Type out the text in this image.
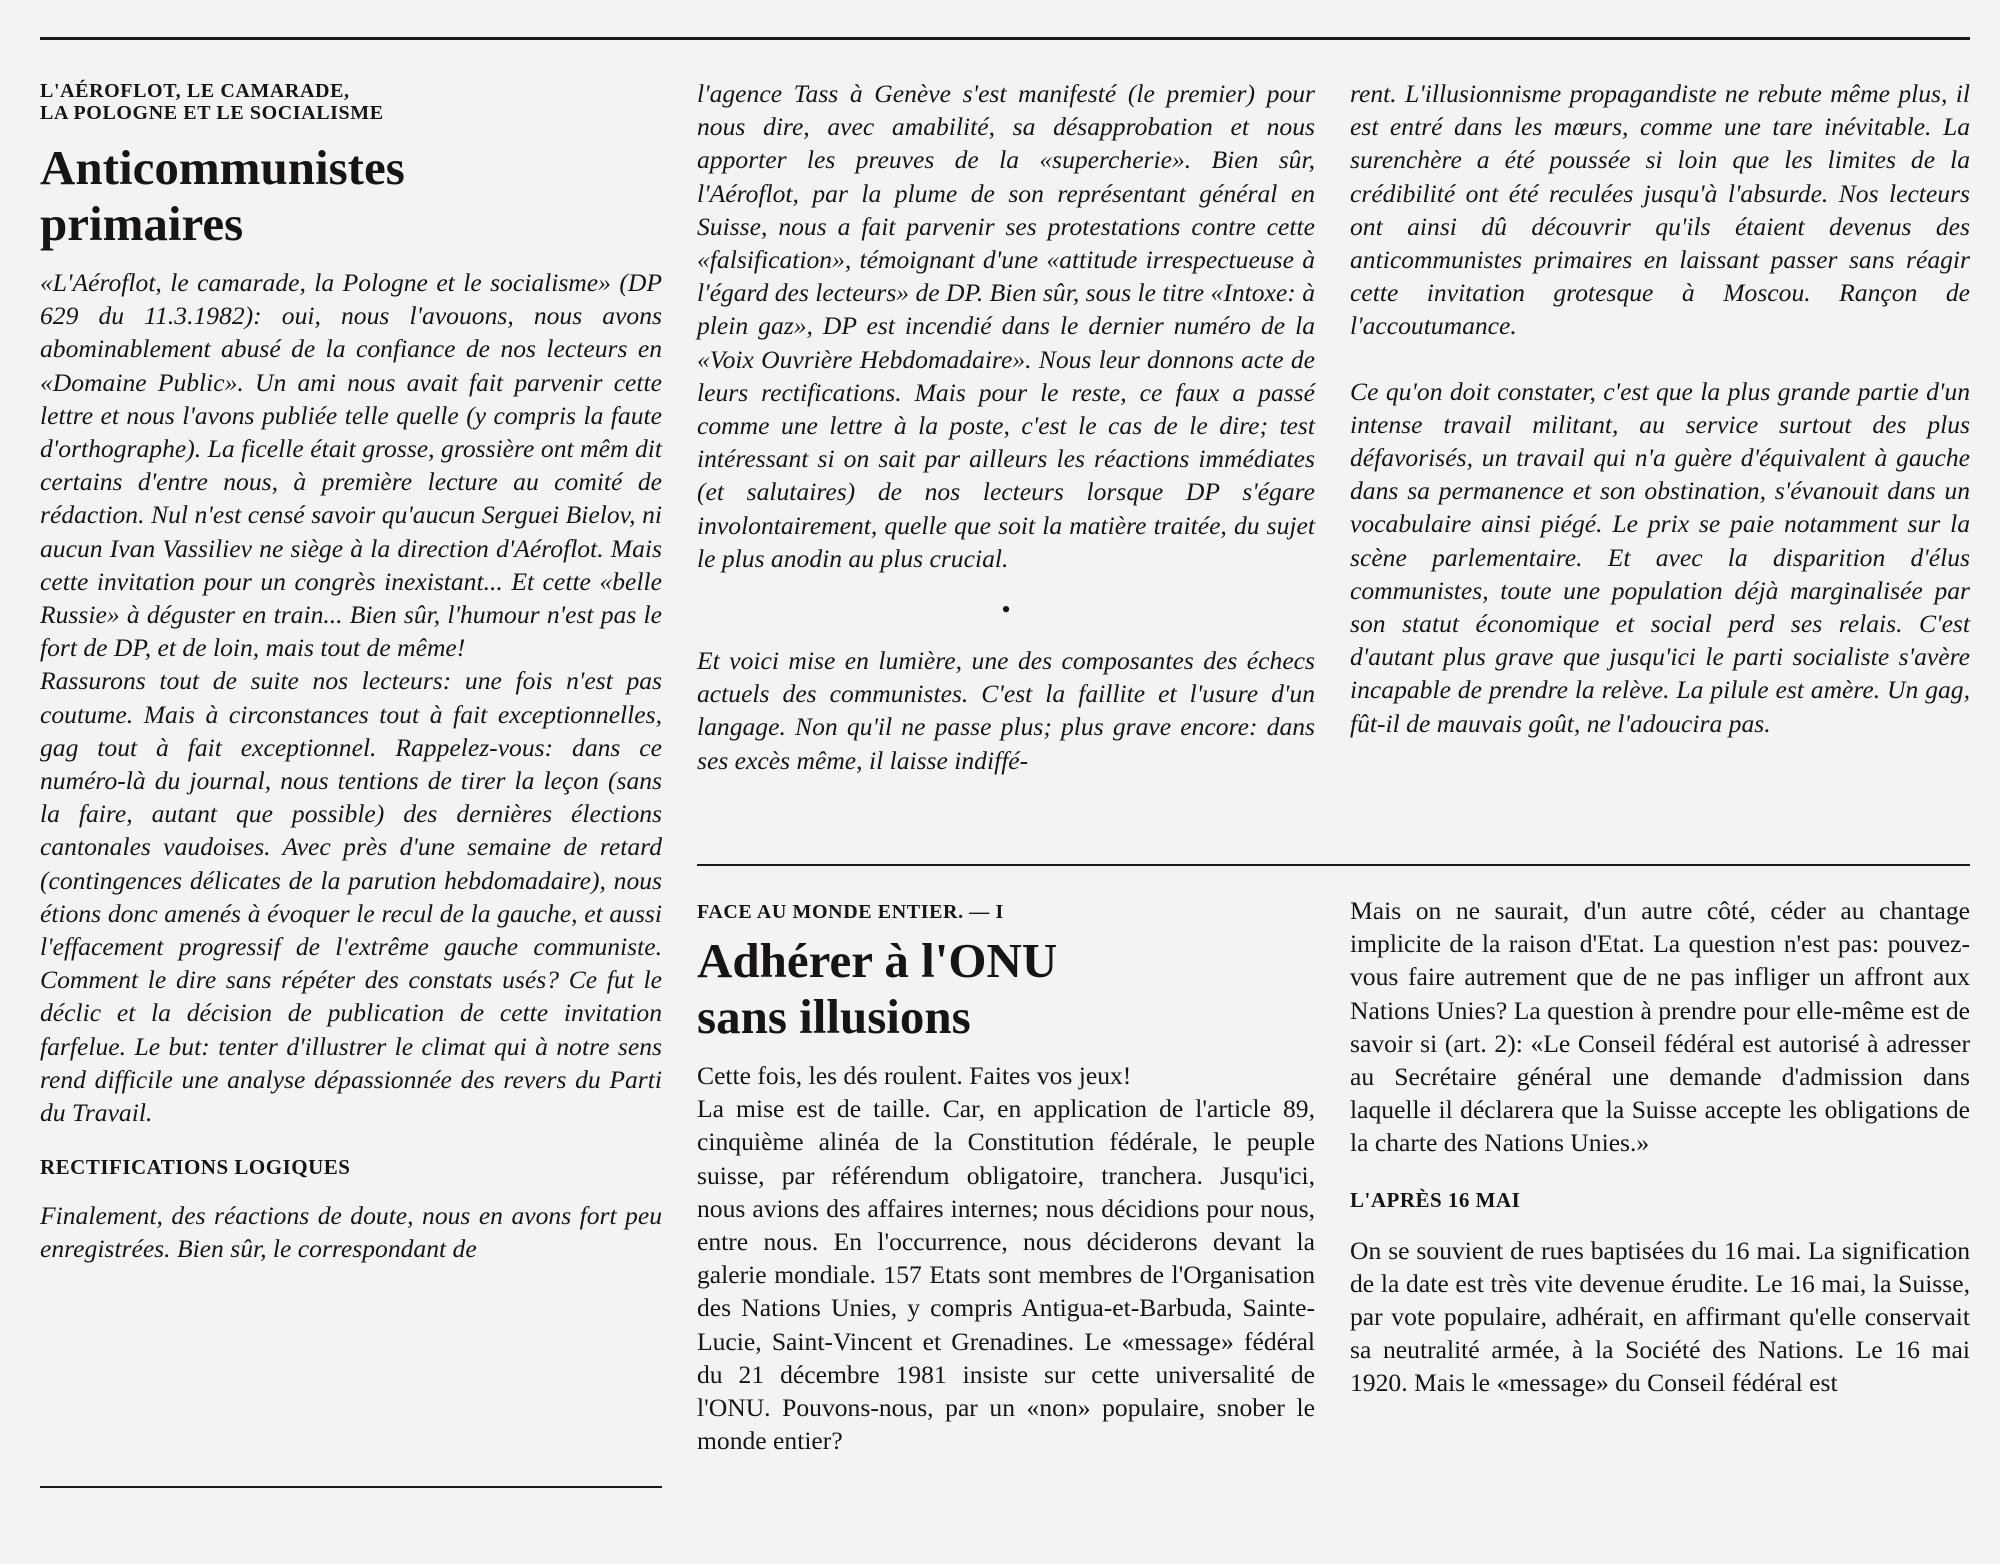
L'AÉROFLOT, LE CAMARADE,

LA POLOGNE ET LE SOCIALISME

Anticommunistes
primaires

«L'Aéroflot, le camarade, la Pologne et le socialisme» (DP 629 du 11.3.1982): oui, nous l'avouons, nous avons abominablement abusé de la confiance de nos lecteurs en «Domaine Public». Un ami nous avait fait parvenir cette lettre et nous l'avons publiée telle quelle (y compris la faute d'orthographe). La ficelle était grosse, grossière ont mêm dit certains d'entre nous, à première lecture au comité de rédaction. Nul n'est censé savoir qu'aucun Serguei Bielov, ni aucun Ivan Vassiliev ne siège à la direction d'Aéroflot. Mais cette invitation pour un congrès inexistant... Et cette «belle Russie» à déguster en train... Bien sûr, l'humour n'est pas le fort de DP, et de loin, mais tout de même!

Rassurons tout de suite nos lecteurs: une fois n'est pas coutume. Mais à circonstances tout à fait exceptionnelles, gag tout à fait exceptionnel. Rappelez-vous: dans ce numéro-là du journal, nous tentions de tirer la leçon (sans la faire, autant que possible) des dernières élections cantonales vaudoises. Avec près d'une semaine de retard (contingences délicates de la parution hebdomadaire), nous étions donc amenés à évoquer le recul de la gauche, et aussi l'effacement progressif de l'extrême gauche communiste. Comment le dire sans répéter des constats usés? Ce fut le déclic et la décision de publication de cette invitation farfelue. Le but: tenter d'illustrer le climat qui à notre sens rend difficile une analyse dépassionnée des revers du Parti du Travail.

RECTIFICATIONS LOGIQUES

Finalement, des réactions de doute, nous en avons fort peu enregistrées. Bien sûr, le correspondant de

l'agence Tass à Genève s'est manifesté (le premier) pour nous dire, avec amabilité, sa désapprobation et nous apporter les preuves de la «supercherie». Bien sûr, l'Aéroflot, par la plume de son représentant général en Suisse, nous a fait parvenir ses protestations contre cette «falsification», témoignant d'une «attitude irrespectueuse à l'égard des lecteurs» de DP. Bien sûr, sous le titre «Intoxe: à plein gaz», DP est incendié dans le dernier numéro de la «Voix Ouvrière Hebdomadaire». Nous leur donnons acte de leurs rectifications. Mais pour le reste, ce faux a passé comme une lettre à la poste, c'est le cas de le dire; test intéressant si on sait par ailleurs les réactions immédiates (et salutaires) de nos lecteurs lorsque DP s'égare involontairement, quelle que soit la matière traitée, du sujet le plus anodin au plus crucial.

•

Et voici mise en lumière, une des composantes des échecs actuels des communistes. C'est la faillite et l'usure d'un langage. Non qu'il ne passe plus; plus grave encore: dans ses excès même, il laisse indiffé-

rent. L'illusionnisme propagandiste ne rebute même plus, il est entré dans les mœurs, comme une tare inévitable. La surenchère a été poussée si loin que les limites de la crédibilité ont été reculées jusqu'à l'absurde. Nos lecteurs ont ainsi dû découvrir qu'ils étaient devenus des anticommunistes primaires en laissant passer sans réagir cette invitation grotesque à Moscou. Rançon de l'accoutumance.

Ce qu'on doit constater, c'est que la plus grande partie d'un intense travail militant, au service surtout des plus défavorisés, un travail qui n'a guère d'équivalent à gauche dans sa permanence et son obstination, s'évanouit dans un vocabulaire ainsi piégé. Le prix se paie notamment sur la scène parlementaire. Et avec la disparition d'élus communistes, toute une population déjà marginalisée par son statut économique et social perd ses relais. C'est d'autant plus grave que jusqu'ici le parti socialiste s'avère incapable de prendre la relève. La pilule est amère. Un gag, fût-il de mauvais goût, ne l'adoucira pas.

FACE AU MONDE ENTIER. — I

Adhérer à l'ONU
sans illusions

Cette fois, les dés roulent. Faites vos jeux!

La mise est de taille. Car, en application de l'article 89, cinquième alinéa de la Constitution fédérale, le peuple suisse, par référendum obligatoire, tranchera. Jusqu'ici, nous avions des affaires internes; nous décidions pour nous, entre nous. En l'occurrence, nous déciderons devant la galerie mondiale. 157 Etats sont membres de l'Organisation des Nations Unies, y compris Antigua-et-Barbuda, Sainte-Lucie, Saint-Vincent et Grenadines. Le «message» fédéral du 21 décembre 1981 insiste sur cette universalité de l'ONU. Pouvons-nous, par un «non» populaire, snober le monde entier?

Mais on ne saurait, d'un autre côté, céder au chantage implicite de la raison d'Etat. La question n'est pas: pouvez-vous faire autrement que de ne pas infliger un affront aux Nations Unies? La question à prendre pour elle-même est de savoir si (art. 2): «Le Conseil fédéral est autorisé à adresser au Secrétaire général une demande d'admission dans laquelle il déclarera que la Suisse accepte les obligations de la charte des Nations Unies.»

L'APRÈS 16 MAI

On se souvient de rues baptisées du 16 mai. La signification de la date est très vite devenue érudite. Le 16 mai, la Suisse, par vote populaire, adhérait, en affirmant qu'elle conservait sa neutralité armée, à la Société des Nations. Le 16 mai 1920. Mais le «message» du Conseil fédéral est
